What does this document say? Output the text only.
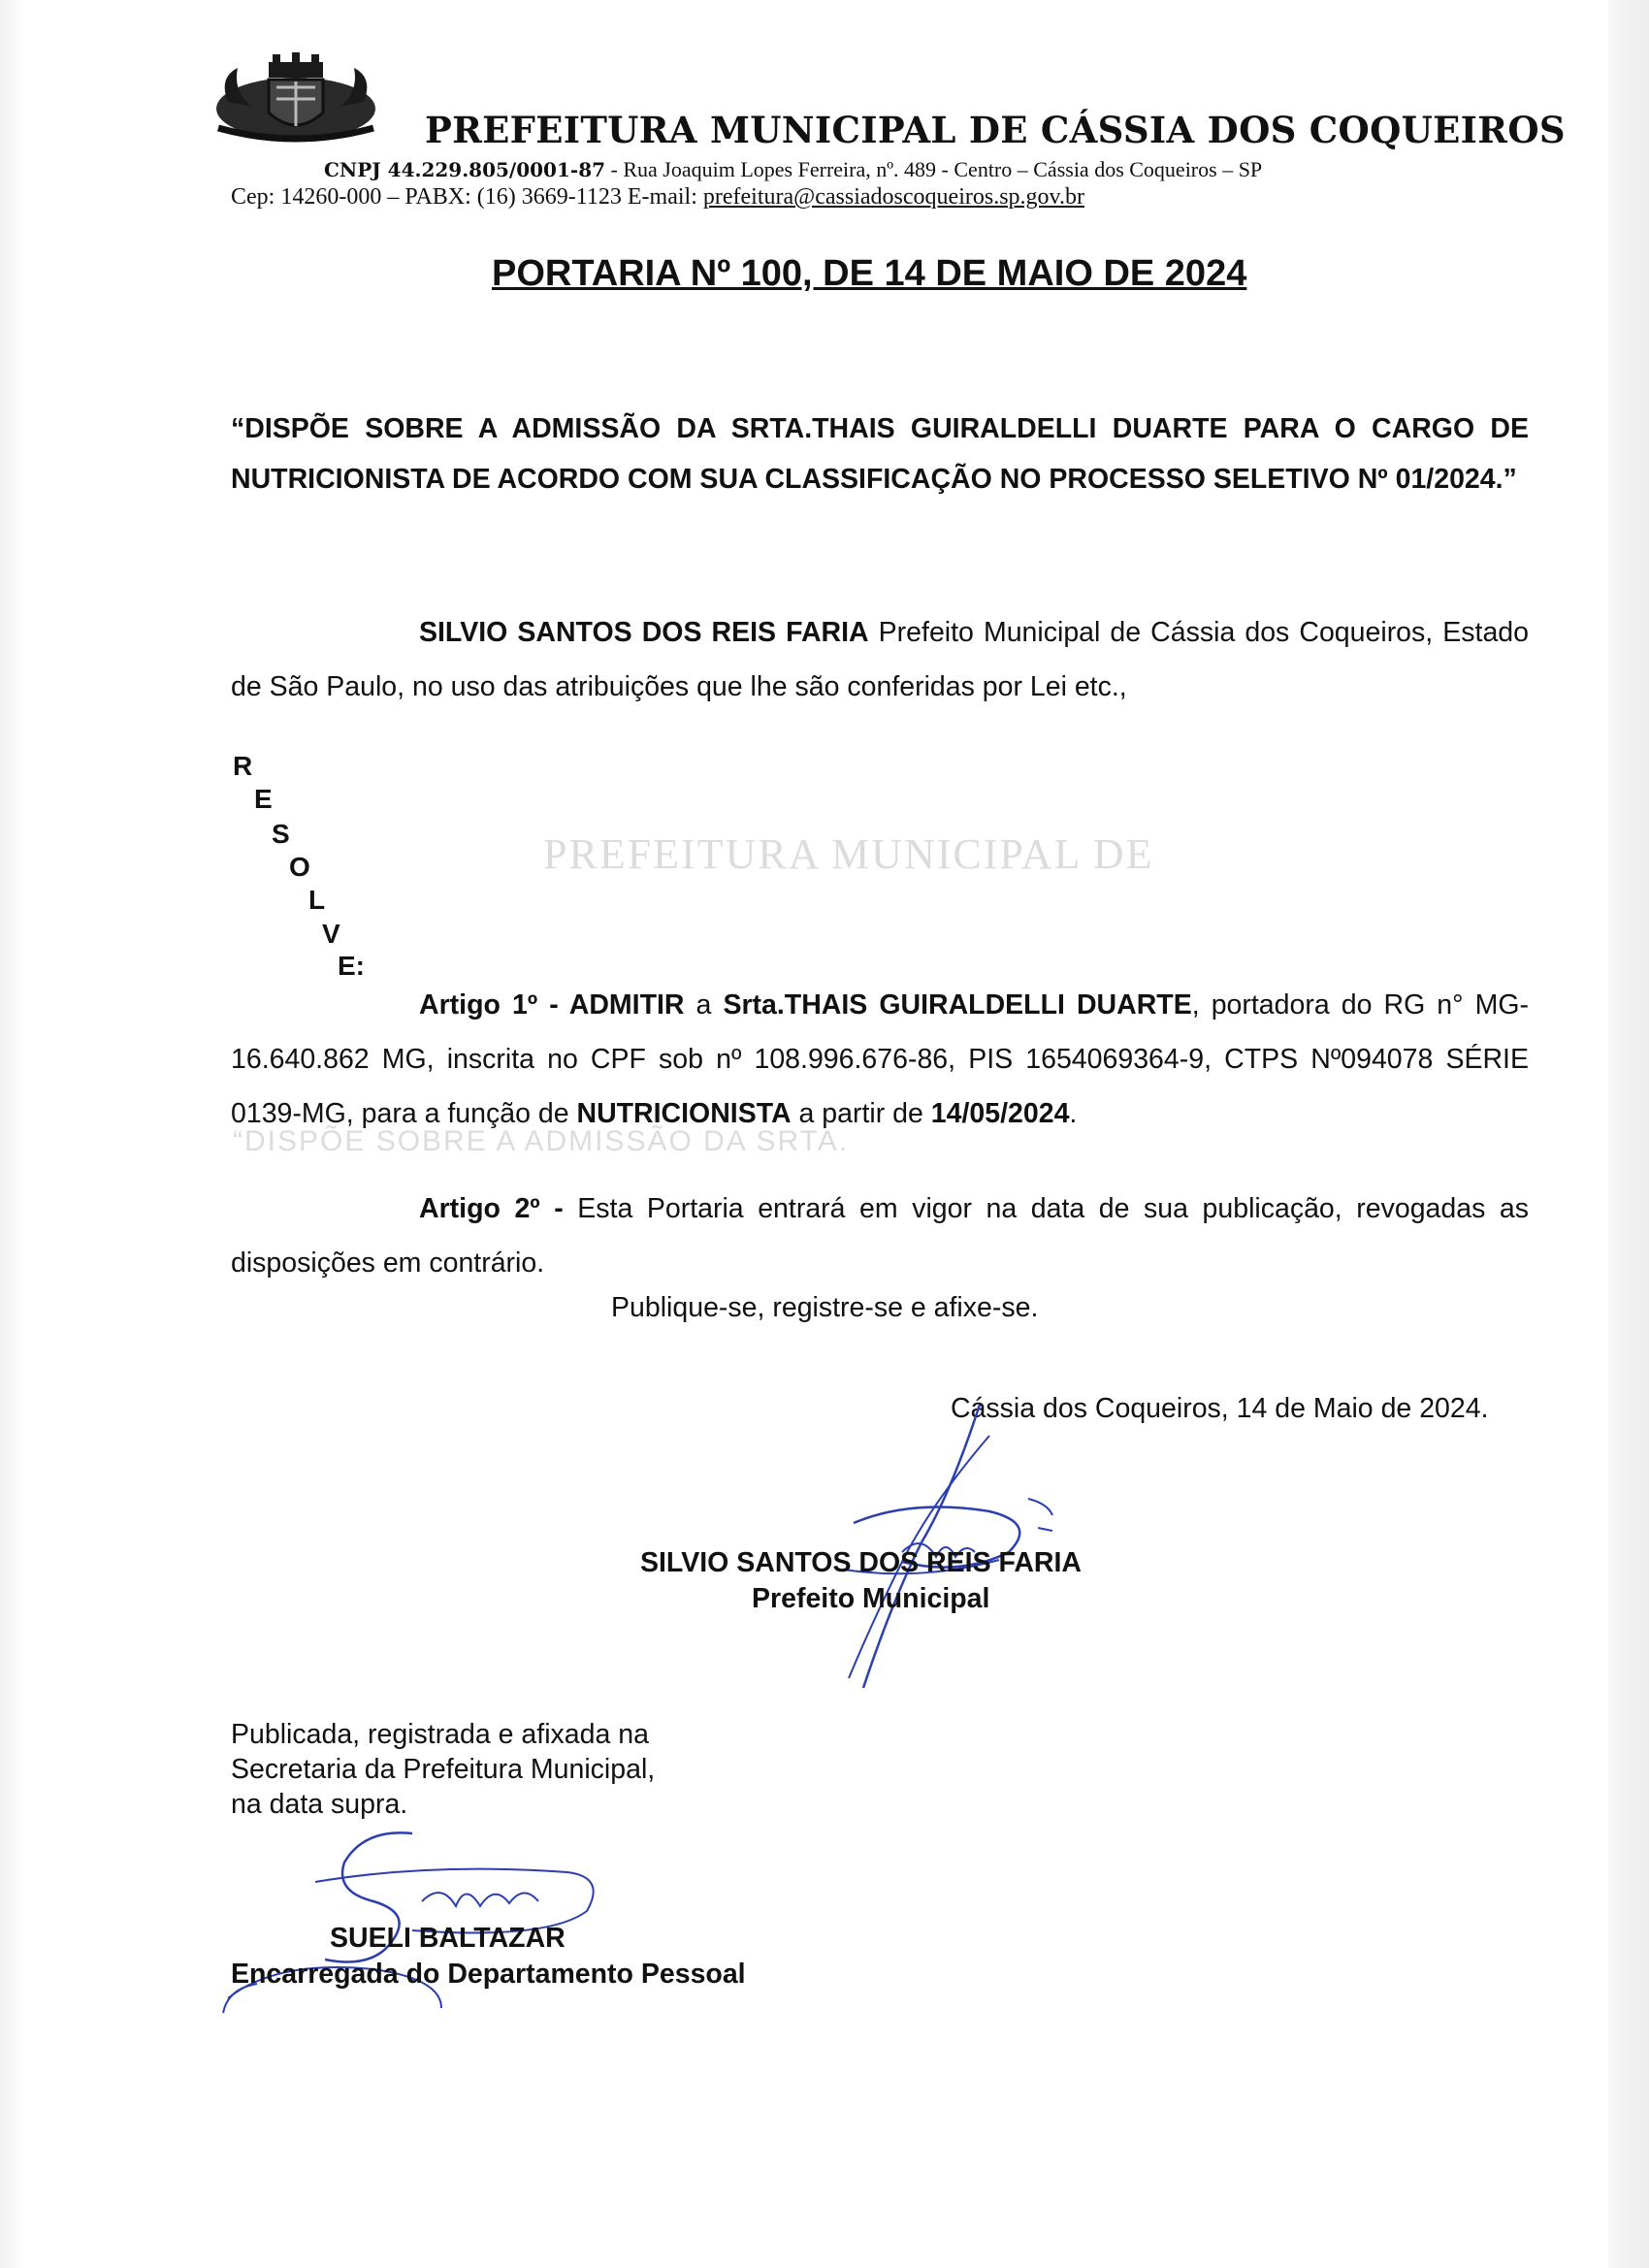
PREFEITURA MUNICIPAL DE
“DISPÕE SOBRE A ADMISSÃO DA SRTA.
PREFEITURA MUNICIPAL DE CÁSSIA DOS COQUEIROS
CNPJ 44.229.805/0001-87 - Rua Joaquim Lopes Ferreira, nº. 489 - Centro – Cássia dos Coqueiros – SP
Cep: 14260-000 – PABX: (16) 3669-1123 E-mail: prefeitura@cassiadoscoqueiros.sp.gov.br
PORTARIA Nº 100, DE 14 DE MAIO DE 2024
“DISPÕE SOBRE A ADMISSÃO DA SRTA.THAIS GUIRALDELLI DUARTE PARA O CARGO DE NUTRICIONISTA DE ACORDO COM SUA CLASSIFICAÇÃO NO PROCESSO SELETIVO Nº 01/2024.”
SILVIO SANTOS DOS REIS FARIA Prefeito Municipal de Cássia dos Coqueiros, Estado de São Paulo, no uso das atribuições que lhe são conferidas por Lei etc.,
R
E
S
O
L
V
E:
Artigo 1º - ADMITIR a Srta.THAIS GUIRALDELLI DUARTE, portadora do RG n° MG-16.640.862 MG, inscrita no CPF sob nº 108.996.676-86, PIS 1654069364-9, CTPS Nº094078 SÉRIE 0139-MG, para a função de NUTRICIONISTA a partir de 14/05/2024.
Artigo 2º - Esta Portaria entrará em vigor na data de sua publicação, revogadas as disposições em contrário.
Publique-se, registre-se e afixe-se.
Cássia dos Coqueiros, 14 de Maio de 2024.
SILVIO SANTOS DOS REIS FARIA
Prefeito Municipal
Publicada, registrada e afixada na
Secretaria da Prefeitura Municipal,
na data supra.
SUELI BALTAZAR
Encarregada do Departamento Pessoal
